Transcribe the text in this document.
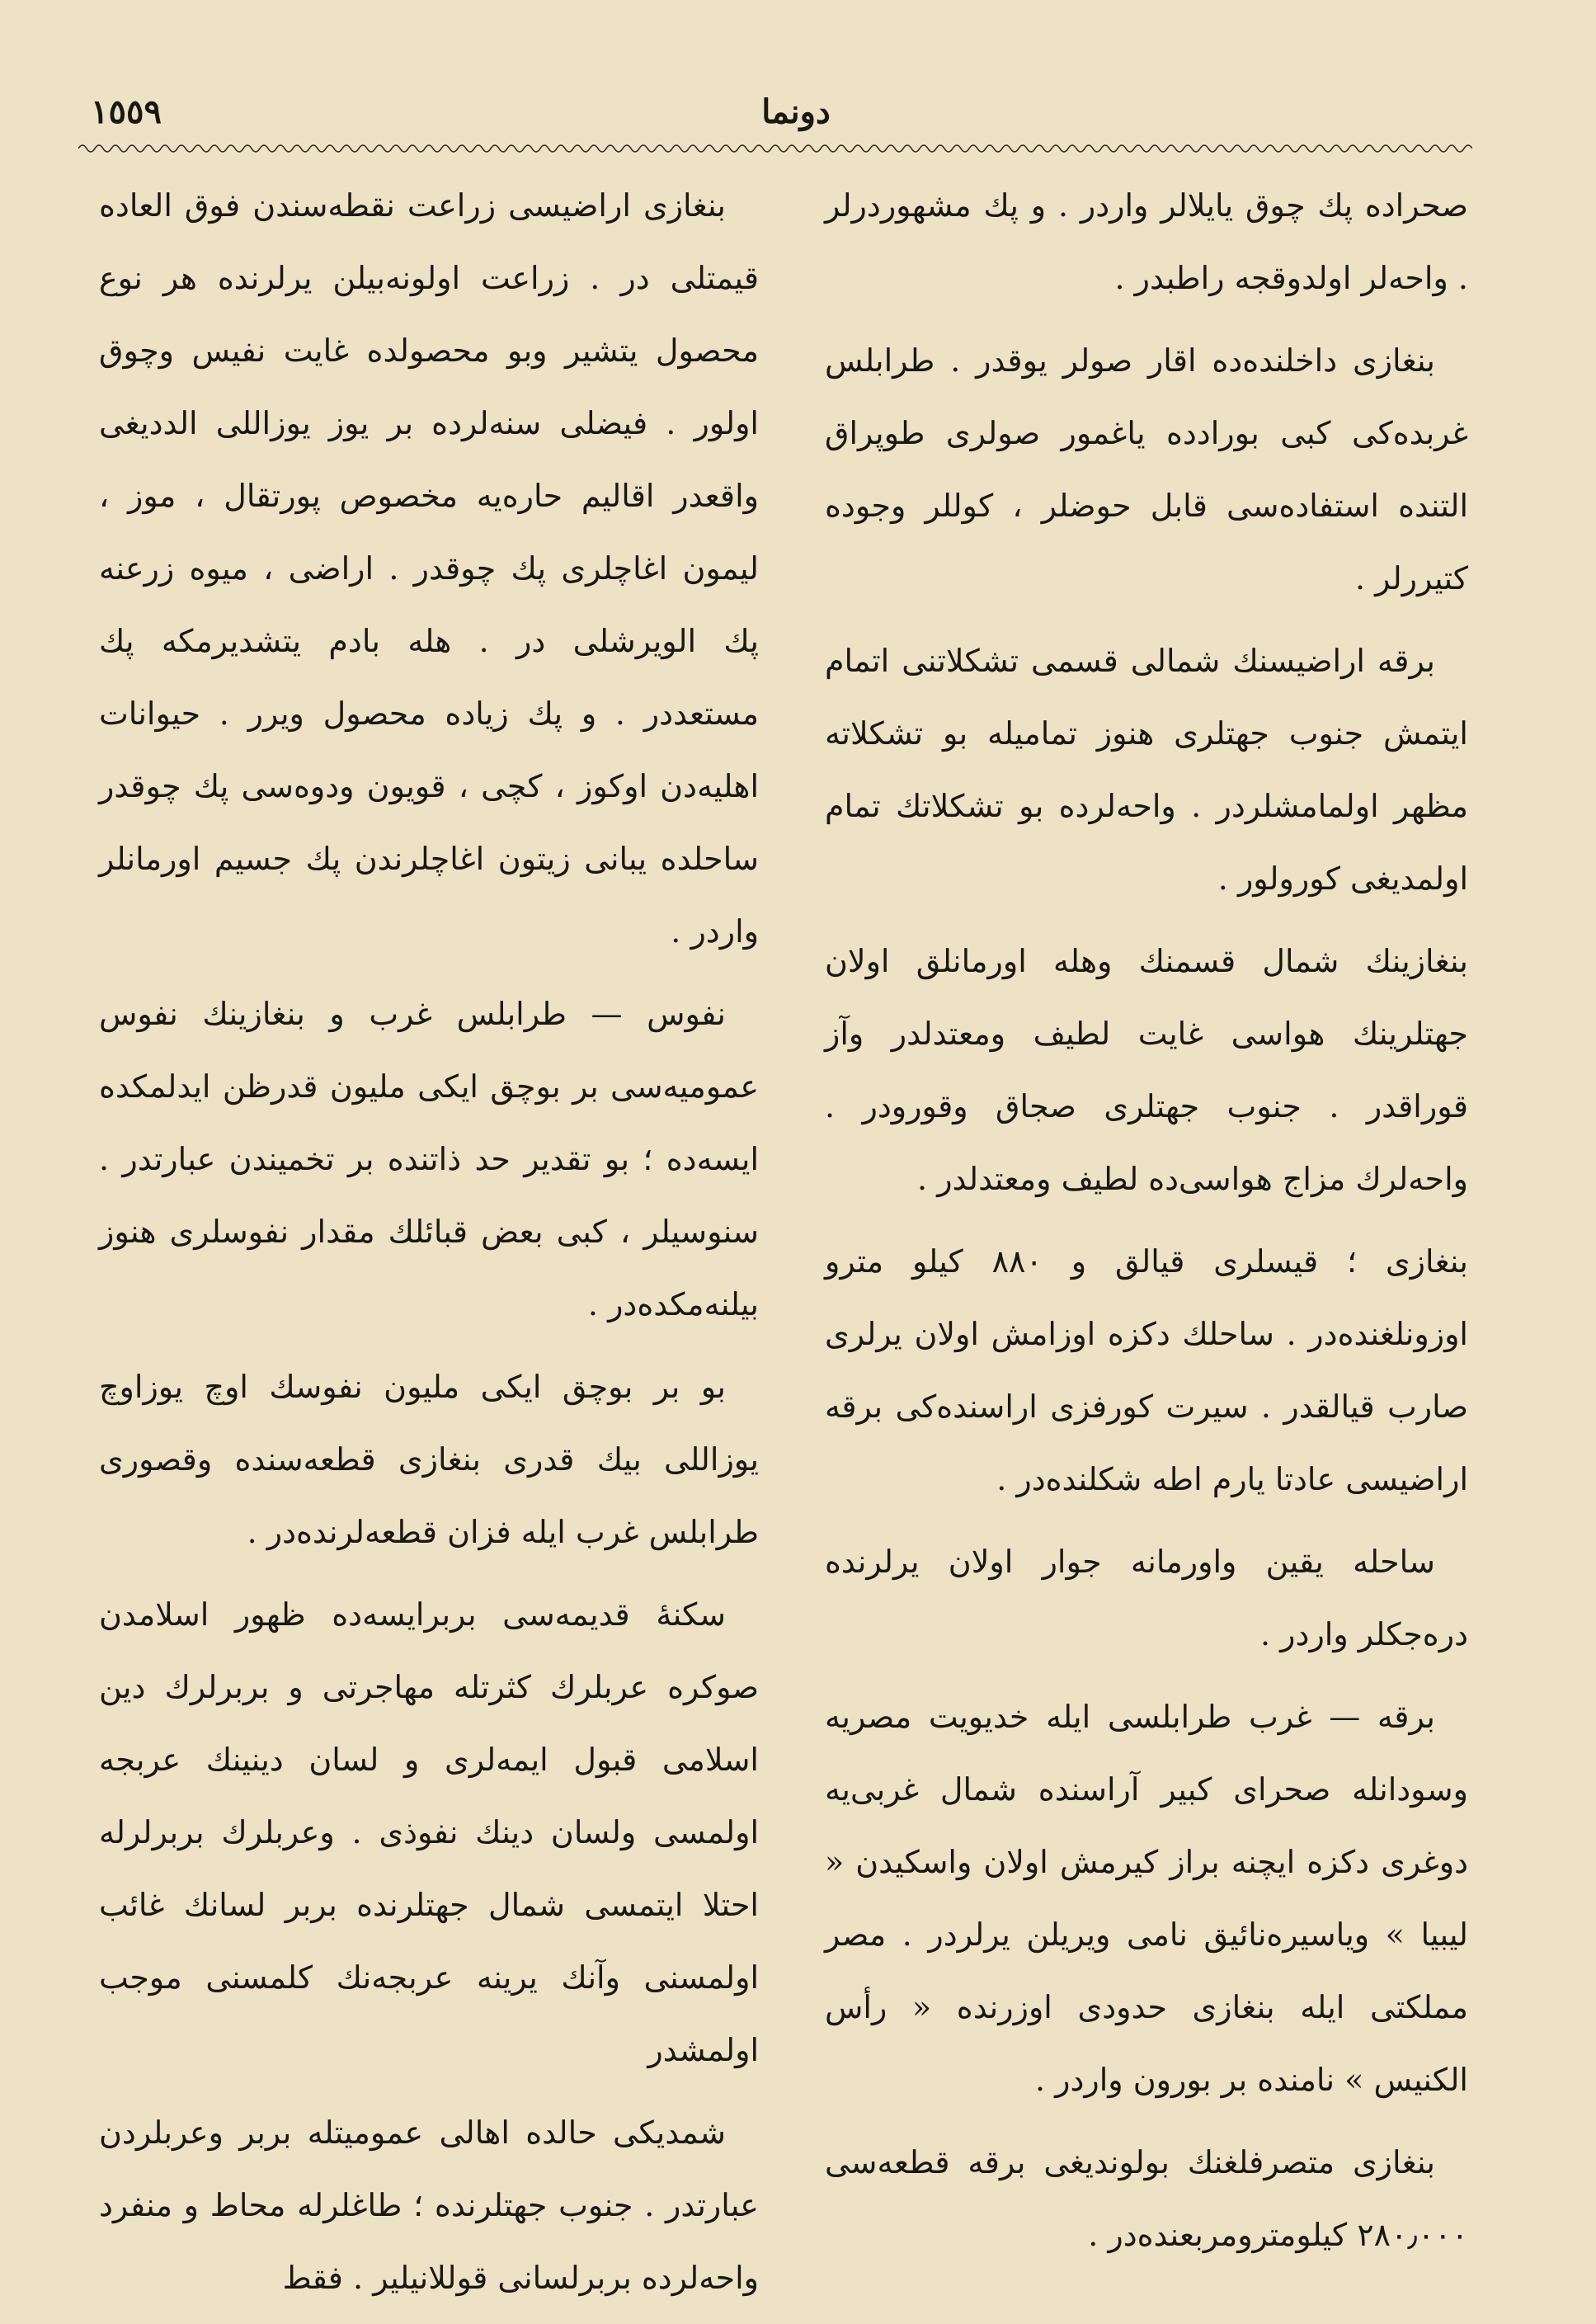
١٥٥٩	دونما

صحراده پك چوق يايلالر واردر . و پك مشهوردرلر . واحه‌لر اولدوقجه راطبدر .

بنغازی داخلنده‌ده اقار صولر يوقدر . طرابلس غربده‌كی كبی بورادده ياغمور صولری طوپراق التنده استفاده‌سی قابل حوضلر ، كوللر وجوده كتيررلر .

برقه اراضيسنك شمالی قسمی تشكلاتنی اتمام ايتمش جنوب جهتلری هنوز تماميله بو تشكلاته مظهر اولمامشلردر . واحه‌لرده بو تشكلاتك تمام اولمديغی كورولور .

بنغازينك شمال قسمنك وهله اورمانلق اولان جهتلرينك هواسی غايت لطيف ومعتدلدر وآز قوراقدر . جنوب جهتلری صجاق وقورودر . واحه‌لرك مزاج هواسی‌ده لطيف ومعتدلدر .

بنغازی ؛ قيسلری قيالق و ٨٨٠ كيلو مترو اوزونلغنده‌در . ساحلك دكزه اوزامش اولان يرلری صارب قيالقدر . سيرت كورفزی اراسنده‌كی برقه اراضيسی عادتا يارم اطه شكلنده‌در .

ساحله يقين واورمانه جوار اولان يرلرنده دره‌جكلر واردر .

برقه — غرب طرابلسی ايله خديويت مصريه وسودانله صحرای كبير آراسنده شمال غربی‌يه دوغری دكزه ايچنه براز كيرمش اولان واسكيدن « ليبيا » وياسيره‌نائيق نامی ويريلن يرلردر . مصر مملكتی ايله بنغازی حدودی اوزرنده « رأس الكنيس » نامنده بر بورون واردر .

بنغازی متصرفلغنك بولونديغی برقه قطعه‌سی ٢٨٠٫٠٠٠ كيلومترومربعنده‌در .

بنغازی اراضيسی زراعت نقطه‌سندن فوق العاده قيمتلی در . زراعت اولونه‌بيلن يرلرنده هر نوع محصول يتشير وبو محصولده غايت نفيس وچوق اولور . فيضلی سنه‌لرده بر يوز يوزاللی الدديغی واقعدر اقاليم حاره‌يه مخصوص پورتقال ، موز ، ليمون اغاچلری پك چوقدر . اراضی ، ميوه زرعنه پك الويرشلی در . هله بادم يتشديرمكه پك مستعددر . و پك زياده محصول ويرر . حيوانات اهليه‌دن اوكوز ، كچی ، قويون ودوه‌سی پك چوقدر ساحلده يبانی زيتون اغاچلرندن پك جسيم اورمانلر واردر .

نفوس — طرابلس غرب و بنغازينك نفوس عموميه‌سی بر بوچق ايكی مليون قدرظن ايدلمكده ايسه‌ده ؛ بو تقدير حد ذاتنده بر تخميندن عبارتدر . سنوسيلر ، كبی بعض قبائلك مقدار نفوسلری هنوز بيلنه‌مكده‌در .

بو بر بوچق ايكی مليون نفوسك اوچ يوزاوچ يوزاللی بيك قدری بنغازی قطعه‌سنده وقصوری طرابلس غرب ايله فزان قطعه‌لرنده‌در .

سكنهٔ قديمه‌سی بربرايسه‌ده ظهور اسلامدن صوكره عربلرك كثرتله مهاجرتی و بربرلرك دين اسلامی قبول ايمه‌لری و لسان دينينك عربجه اولمسی ولسان دينك نفوذی . وعربلرك بربرلرله احتلا ايتمسی شمال جهتلرنده بربر لسانك غائب اولمسنی وآنك يرينه عربجه‌نك كلمسنی موجب اولمشدر

شمديكی حالده اهالی عموميتله بربر وعربلردن عبارتدر . جنوب جهتلرنده ؛ طاغلرله محاط و منفرد واحه‌لرده بربرلسانی قوللانيلير . فقط
